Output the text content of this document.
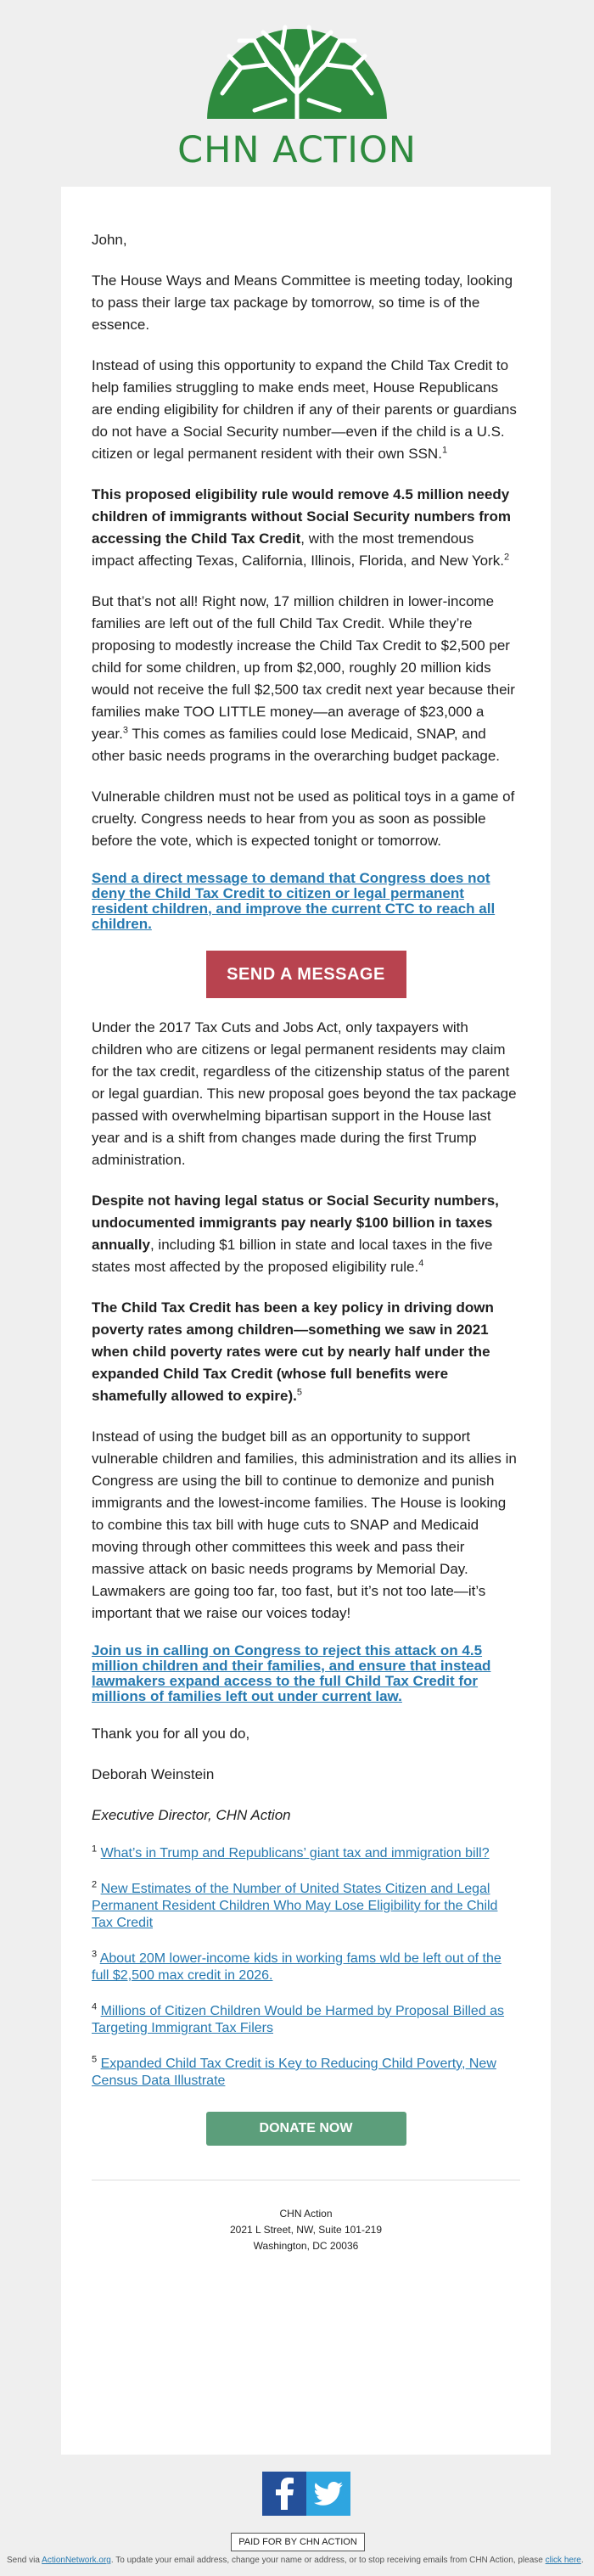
CHN ACTION

John,

The House Ways and Means Committee is meeting today, looking to pass their large tax package by tomorrow, so time is of the essence.

Instead of using this opportunity to expand the Child Tax Credit to help families struggling to make ends meet, House Republicans are ending eligibility for children if any of their parents or guardians do not have a Social Security number—even if the child is a U.S. citizen or legal permanent resident with their own SSN.$^1$

This proposed eligibility rule would remove 4.5 million needy children of immigrants without Social Security numbers from accessing the Child Tax Credit, with the most tremendous impact affecting Texas, California, Illinois, Florida, and New York.$^2$

But that’s not all! Right now, 17 million children in lower-income families are left out of the full Child Tax Credit. While they’re proposing to modestly increase the Child Tax Credit to $2,500 per child for some children, up from $2,000, roughly 20 million kids would not receive the full $2,500 tax credit next year because their families make TOO LITTLE money—an average of $23,000 a year.$^3$ This comes as families could lose Medicaid, SNAP, and other basic needs programs in the overarching budget package.

Vulnerable children must not be used as political toys in a game of cruelty. Congress needs to hear from you as soon as possible before the vote, which is expected tonight or tomorrow.

Send a direct message to demand that Congress does not deny the Child Tax Credit to citizen or legal permanent resident children, and improve the current CTC to reach all children.
SEND A MESSAGE

Under the 2017 Tax Cuts and Jobs Act, only taxpayers with children who are citizens or legal permanent residents may claim for the tax credit, regardless of the citizenship status of the parent or legal guardian. This new proposal goes beyond the tax package passed with overwhelming bipartisan support in the House last year and is a shift from changes made during the first Trump administration.

Despite not having legal status or Social Security numbers, undocumented immigrants pay nearly $100 billion in taxes annually, including $1 billion in state and local taxes in the five states most affected by the proposed eligibility rule.$^4$

The Child Tax Credit has been a key policy in driving down poverty rates among children—something we saw in 2021 when child poverty rates were cut by nearly half under the expanded Child Tax Credit (whose full benefits were shamefully allowed to expire).$^5$

Instead of using the budget bill as an opportunity to support vulnerable children and families, this administration and its allies in Congress are using the bill to continue to demonize and punish immigrants and the lowest-income families. The House is looking to combine this tax bill with huge cuts to SNAP and Medicaid moving through other committees this week and pass their massive attack on basic needs programs by Memorial Day. Lawmakers are going too far, too fast, but it’s not too late—it’s important that we raise our voices today!

Join us in calling on Congress to reject this attack on 4.5 million children and their families, and ensure that instead lawmakers expand access to the full Child Tax Credit for millions of families left out under current law.

Thank you for all you do,

Deborah Weinstein

Executive Director, CHN Action

$^1$ What’s in Trump and Republicans’ giant tax and immigration bill?

$^2$ New Estimates of the Number of United States Citizen and Legal Permanent Resident Children Who May Lose Eligibility for the Child Tax Credit

$^3$ About 20M lower-income kids in working fams wld be left out of the full $2,500 max credit in 2026.

$^4$ Millions of Citizen Children Would be Harmed by Proposal Billed as Targeting Immigrant Tax Filers

$^5$ Expanded Child Tax Credit is Key to Reducing Child Poverty, New Census Data Illustrate

DONATE NOW
CHN Action
2021 L Street, NW, Suite 101-219
Washington, DC 20036
PAID FOR BY CHN ACTION
Send via ActionNetwork.org. To update your email address, change your name or address, or to stop receiving emails from CHN Action, please click here.
